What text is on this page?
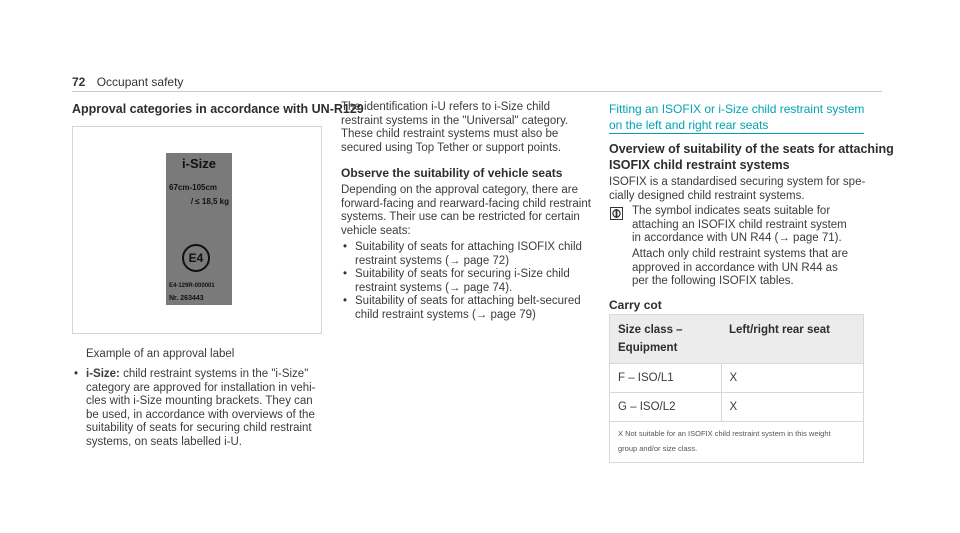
72 Occupant safety
Approval categories in accordance with UN-R129
i-Size
67cm-105cm
/ ≤ 18,5 kg
E4
E4-129R-000001
Nr. 263443
Example of an approval label
• i-Size: child restraint systems in the "i-Size"
category are approved for installation in vehi-
cles with i-Size mounting brackets. They can
be used, in accordance with overviews of the
suitability of seats for securing child restraint
systems, on seats labelled i-U.
The identification i-U refers to i-Size child
restraint systems in the "Universal" category.
These child restraint systems must also be
secured using Top Tether or support points.
Observe the suitability of vehicle seats
Depending on the approval category, there are
forward-facing and rearward-facing child restraint
systems. Their use can be restricted for certain
vehicle seats:
• Suitability of seats for attaching ISOFIX child
restraint systems (→ page 72)
• Suitability of seats for securing i-Size child
restraint systems (→ page 74).
• Suitability of seats for attaching belt-secured
child restraint systems (→ page 79)
Fitting an ISOFIX or i-Size child restraint system
on the left and right rear seats
Overview of suitability of the seats for attaching
ISOFIX child restraint systems
ISOFIX is a standardised securing system for spe-
cially designed child restraint systems.
The symbol indicates seats suitable for
attaching an ISOFIX child restraint system
in accordance with UN R44 (→ page 71).
Attach only child restraint systems that are
approved in accordance with UN R44 as
per the following ISOFIX tables.
Carry cot
Size class –
Equipment	Left/right rear seat
F – ISO/L1	X
G – ISO/L2	X
X Not suitable for an ISOFIX child restraint system in this weight
group and/or size class.	
